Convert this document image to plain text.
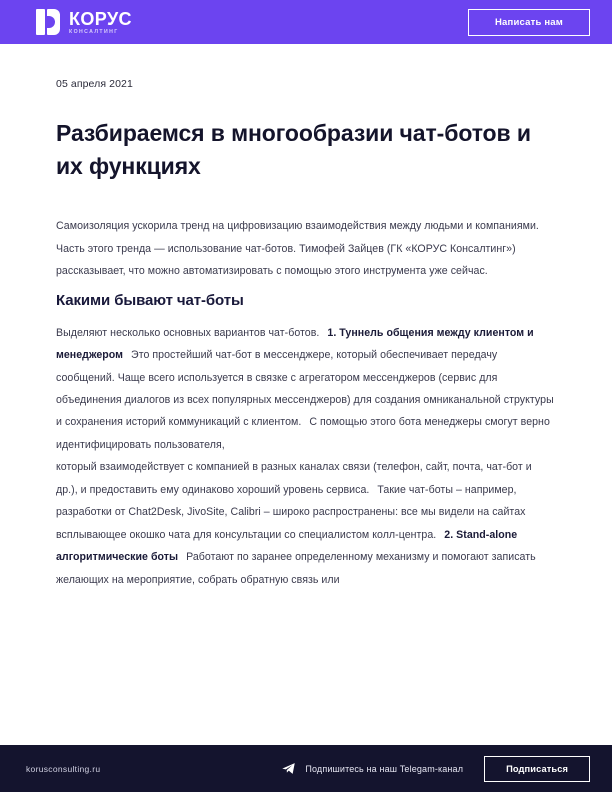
КОРУС
КОНСАЛТИНГ
Написать нам
05 апреля 2021
Разбираемся в многообразии чат-ботов и их функциях

Самоизоляция ускорила тренд на цифровизацию взаимодействия между людьми и компаниями. Часть этого тренда — использование чат-ботов. Тимофей Зайцев (ГК «КОРУС Консалтинг») рассказывает, что можно автоматизировать с помощью этого инструмента уже сейчас.

Какими бывают чат-боты

Выделяют несколько основных вариантов чат-ботов. 1. Туннель общения между клиентом и менеджером Это простейший чат-бот в мессенджере, который обеспечивает передачу сообщений. Чаще всего используется в связке с агрегатором мессенджеров (сервис для объединения диалогов из всех популярных мессенджеров) для создания омниканальной структуры и сохранения историй коммуникаций с клиентом. С помощью этого бота менеджеры смогут верно идентифицировать пользователя,
который взаимодействует с компанией в разных каналах связи (телефон, сайт, почта, чат-бот и др.), и предоставить ему одинаково хороший уровень сервиса. Такие чат-боты – например, разработки от Chat2Desk, JivoSite, Calibri – широко распространены: все мы видели на сайтах всплывающее окошко чата для консультации со специалистом колл-центра. 2. Stand-alone алгоритмические боты Работают по заранее определенному механизму и помогают записать желающих на мероприятие, собрать обратную связь или

korusconsulting.ru	Подпишитесь на наш Telegam-канал	Подписаться
